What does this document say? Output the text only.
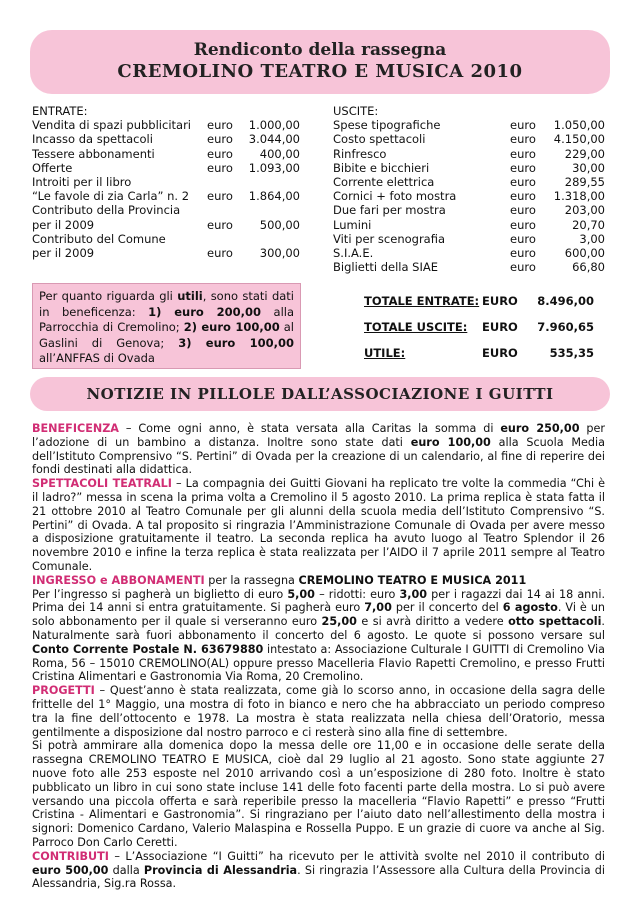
Rendiconto della rassegna
CREMOLINO TEATRO E MUSICA 2010
ENTRATE:
Vendita di spazi pubblicitari euro 1.000,00
Incasso da spettacoli	euro 3.044,00
Tessere abbonamenti	euro 400,00
Offerte	euro 1.093,00
Introiti per il libro
“Le favole di zia Carla” n. 2 euro 1.864,00
Contributo della Provincia
per il 2009	euro 500,00
Contributo del Comune
per il 2009	euro 300,00
USCITE:
Spese tipografiche	euro 1.050,00
Costo spettacoli	euro 4.150,00
Rinfresco	euro	229,00
Bibite e bicchieri	euro	30,00
Corrente elettrica	euro	289,55
Cornici + foto mostra	euro 1.318,00
Due fari per mostra	euro	203,00
Lumini	euro	20,70
Viti per scenografia	euro	3,00
S.I.A.E.	euro	600,00
Biglietti della SIAE	euro	66,80
Per quanto riguarda gli utili, sono stati dati in beneficenza: 1) euro 200,00 alla Parrocchia di Cremolino; 2) euro 100,00 al Gaslini di Genova; 3) euro 100,00 all’ANFFAS di Ovada
TOTALE ENTRATE: EURO 8.496,00
TOTALE USCITE: EURO 7.960,65
UTILE:	EURO	535,35
NOTIZIE IN PILLOLE DALL’ASSOCIAZIONE I GUITTI

BENEFICENZA – Come ogni anno, è stata versata alla Caritas la somma di euro 250,00 per l’adozione di un bambino a distanza. Inoltre sono state dati euro 100,00 alla Scuola Media dell’Istituto Comprensivo “S. Pertini” di Ovada per la creazione di un calendario, al fine di reperire dei fondi destinati alla didattica.

SPETTACOLI TEATRALI – La compagnia dei Guitti Giovani ha replicato tre volte la commedia “Chi è il ladro?” messa in scena la prima volta a Cremolino il 5 agosto 2010. La prima replica è stata fatta il 21 ottobre 2010 al Teatro Comunale per gli alunni della scuola media dell’Istituto Comprensivo “S. Pertini” di Ovada. A tal proposito si ringrazia l’Amministrazione Comunale di Ovada per avere messo a disposizione gratuitamente il teatro. La seconda replica ha avuto luogo al Teatro Splendor il 26 novembre 2010 e infine la terza replica è stata realizzata per l’AIDO il 7 aprile 2011 sempre al Teatro Comunale.

INGRESSO e ABBONAMENTI per la rassegna CREMOLINO TEATRO E MUSICA 2011
Per l’ingresso si pagherà un biglietto di euro 5,00 – ridotti: euro 3,00 per i ragazzi dai 14 ai 18 anni. Prima dei 14 anni si entra gratuitamente. Si pagherà euro 7,00 per il concerto del 6 agosto. Vi è un solo abbonamento per il quale si verseranno euro 25,00 e si avrà diritto a vedere otto spettacoli. Naturalmente sarà fuori abbonamento il concerto del 6 agosto. Le quote si possono versare sul Conto Corrente Postale N. 63679880 intestato a: Associazione Culturale I GUITTI di Cremolino Via Roma, 56 – 15010 CREMOLINO(AL) oppure presso Macelleria Flavio Rapetti Cremolino, e presso Frutti Cristina Alimentari e Gastronomia Via Roma, 20 Cremolino.

PROGETTI – Quest’anno è stata realizzata, come già lo scorso anno, in occasione della sagra delle frittelle del 1° Maggio, una mostra di foto in bianco e nero che ha abbracciato un periodo compreso tra la fine dell’ottocento e 1978. La mostra è stata realizzata nella chiesa dell’Oratorio, messa gentilmente a disposizione dal nostro parroco e ci resterà sino alla fine di settembre.

Si potrà ammirare alla domenica dopo la messa delle ore 11,00 e in occasione delle serate della rassegna CREMOLINO TEATRO E MUSICA, cioè dal 29 luglio al 21 agosto. Sono state aggiunte 27 nuove foto alle 253 esposte nel 2010 arrivando così a un’esposizione di 280 foto. Inoltre è stato pubblicato un libro in cui sono state incluse 141 delle foto facenti parte della mostra. Lo si può avere versando una piccola offerta e sarà reperibile presso la macelleria “Flavio Rapetti” e presso “Frutti Cristina - Alimentari e Gastronomia”. Si ringraziano per l’aiuto dato nell’allestimento della mostra i signori: Domenico Cardano, Valerio Malaspina e Rossella Puppo. E un grazie di cuore va anche al Sig. Parroco Don Carlo Ceretti.

CONTRIBUTI – L’Associazione “I Guitti” ha ricevuto per le attività svolte nel 2010 il contributo di euro 500,00 dalla Provincia di Alessandria. Si ringrazia l’Assessore alla Cultura della Provincia di Alessandria, Sig.ra Rossa.
